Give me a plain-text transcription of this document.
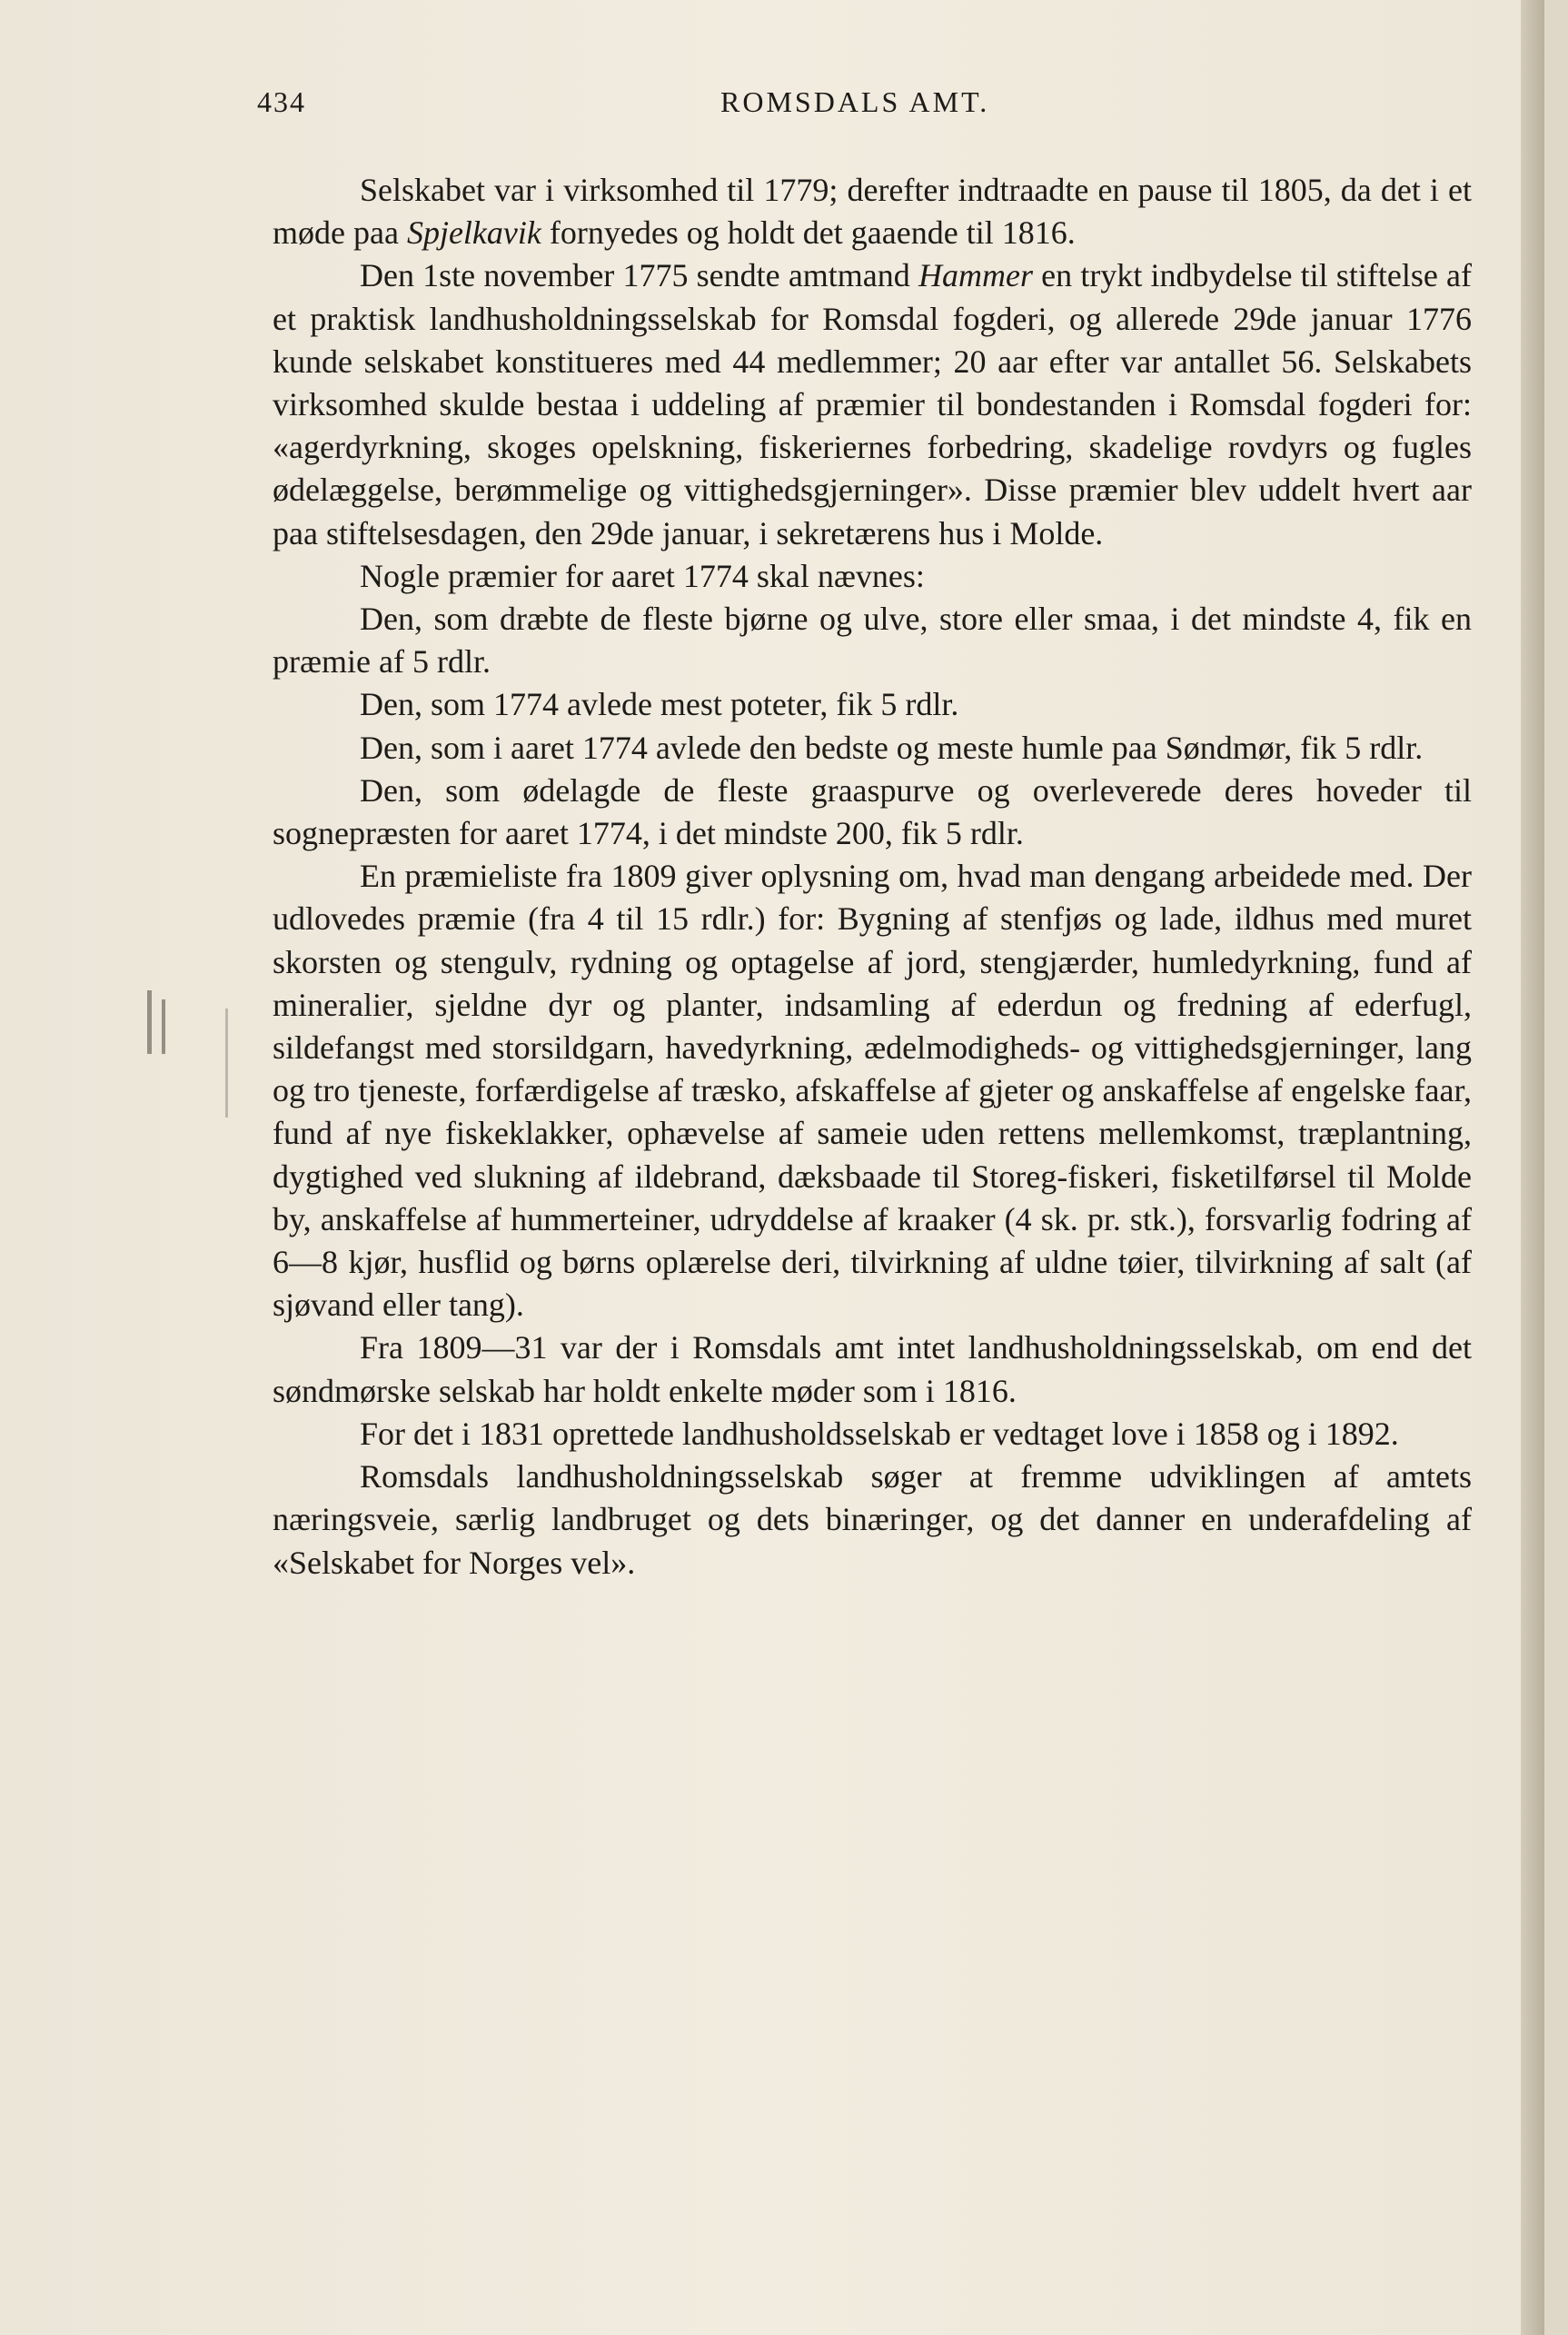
434	ROMSDALS AMT.

Selskabet var i virksomhed til 1779; derefter indtraadte en pause til 1805, da det i et møde paa Spjelkavik fornyedes og holdt det gaaende til 1816.

Den 1ste november 1775 sendte amtmand Hammer en trykt indbydelse til stiftelse af et praktisk landhusholdningsselskab for Romsdal fogderi, og allerede 29de januar 1776 kunde selskabet konstitueres med 44 medlemmer; 20 aar efter var antallet 56. Selskabets virksomhed skulde bestaa i uddeling af præmier til bondestanden i Romsdal fogderi for: «agerdyrkning, skoges opelskning, fiskeriernes forbedring, skadelige rovdyrs og fugles ødelæggelse, berømmelige og vittighedsgjerninger». Disse præmier blev uddelt hvert aar paa stiftelsesdagen, den 29de januar, i sekretærens hus i Molde.

Nogle præmier for aaret 1774 skal nævnes:

Den, som dræbte de fleste bjørne og ulve, store eller smaa, i det mindste 4, fik en præmie af 5 rdlr.

Den, som 1774 avlede mest poteter, fik 5 rdlr.

Den, som i aaret 1774 avlede den bedste og meste humle paa Søndmør, fik 5 rdlr.

Den, som ødelagde de fleste graaspurve og overleverede deres hoveder til sognepræsten for aaret 1774, i det mindste 200, fik 5 rdlr.

En præmieliste fra 1809 giver oplysning om, hvad man dengang arbeidede med. Der udlovedes præmie (fra 4 til 15 rdlr.) for: Bygning af stenfjøs og lade, ildhus med muret skorsten og stengulv, rydning og optagelse af jord, stengjærder, humledyrkning, fund af mineralier, sjeldne dyr og planter, indsamling af ederdun og fredning af ederfugl, sildefangst med storsildgarn, havedyrkning, ædelmodigheds- og vittighedsgjerninger, lang og tro tjeneste, forfærdigelse af træsko, afskaffelse af gjeter og anskaffelse af engelske faar, fund af nye fiskeklakker, ophævelse af sameie uden rettens mellemkomst, træplantning, dygtighed ved slukning af ildebrand, dæksbaade til Storeg-fiskeri, fisketilførsel til Molde by, anskaffelse af hummerteiner, udryddelse af kraaker (4 sk. pr. stk.), forsvarlig fodring af 6—8 kjør, husflid og børns oplærelse deri, tilvirkning af uldne tøier, tilvirkning af salt (af sjøvand eller tang).

Fra 1809—31 var der i Romsdals amt intet landhusholdningsselskab, om end det søndmørske selskab har holdt enkelte møder som i 1816.

For det i 1831 oprettede landhusholdsselskab er vedtaget love i 1858 og i 1892.

Romsdals landhusholdningsselskab søger at fremme udviklingen af amtets næringsveie, særlig landbruget og dets binæringer, og det danner en underafdeling af «Selskabet for Norges vel».
